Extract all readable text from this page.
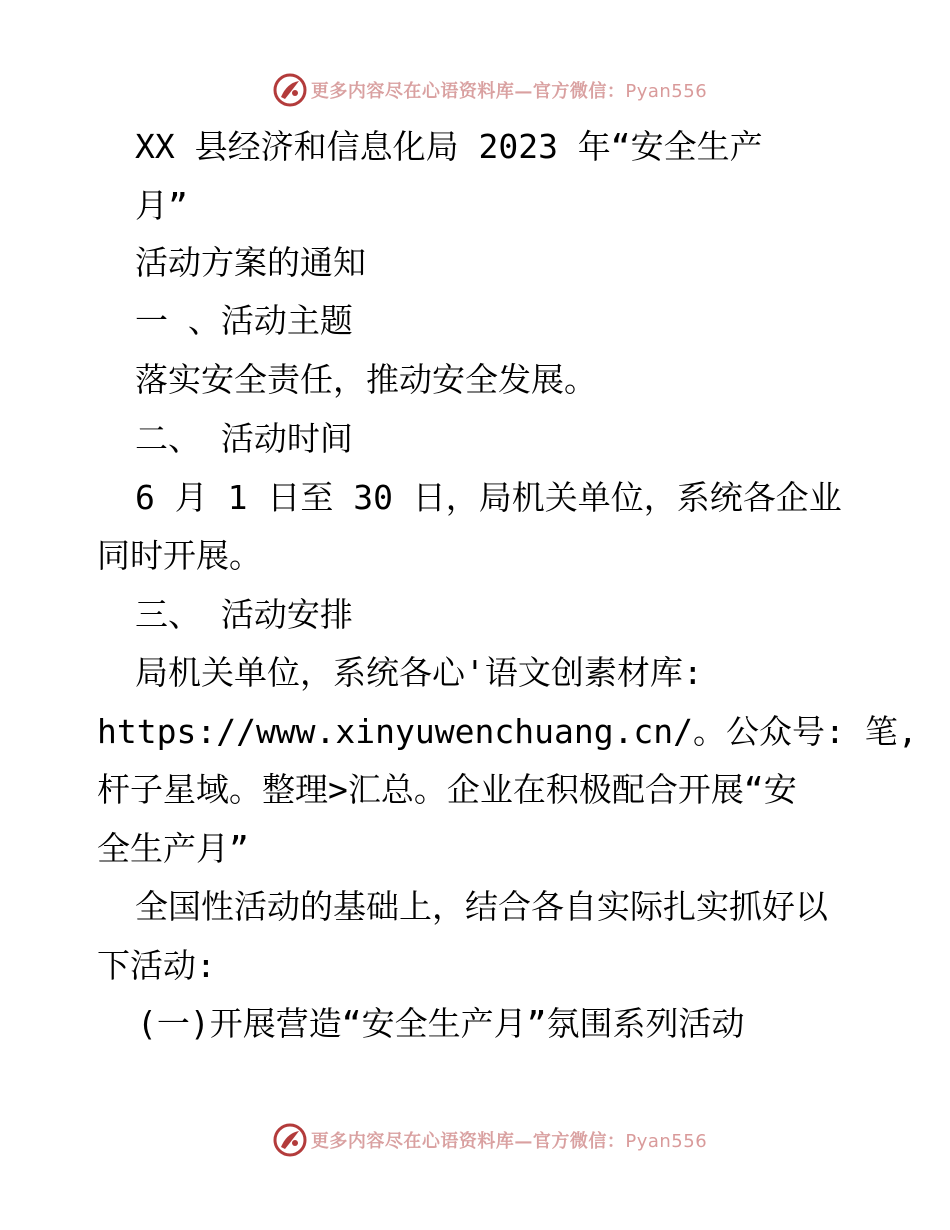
更多内容尽在心语资料库—官方微信：Pyan556
XX 县经济和信息化局 2023 年“安全生产
月”
活动方案的通知
一 、活动主题
落实安全责任，推动安全发展。
二、 活动时间
6 月 1 日至 30 日，局机关单位，系统各企业
同时开展。
三、 活动安排
局机关单位，系统各心'语文创素材库:
https://www.xinyuwenchuang.cn/。公众号: 笔,
杆子星域。整理>汇总。企业在积极配合开展“安
全生产月”
全国性活动的基础上，结合各自实际扎实抓好以
下活动:
(一)开展营造“安全生产月”氛围系列活动
更多内容尽在心语资料库—官方微信：Pyan556
